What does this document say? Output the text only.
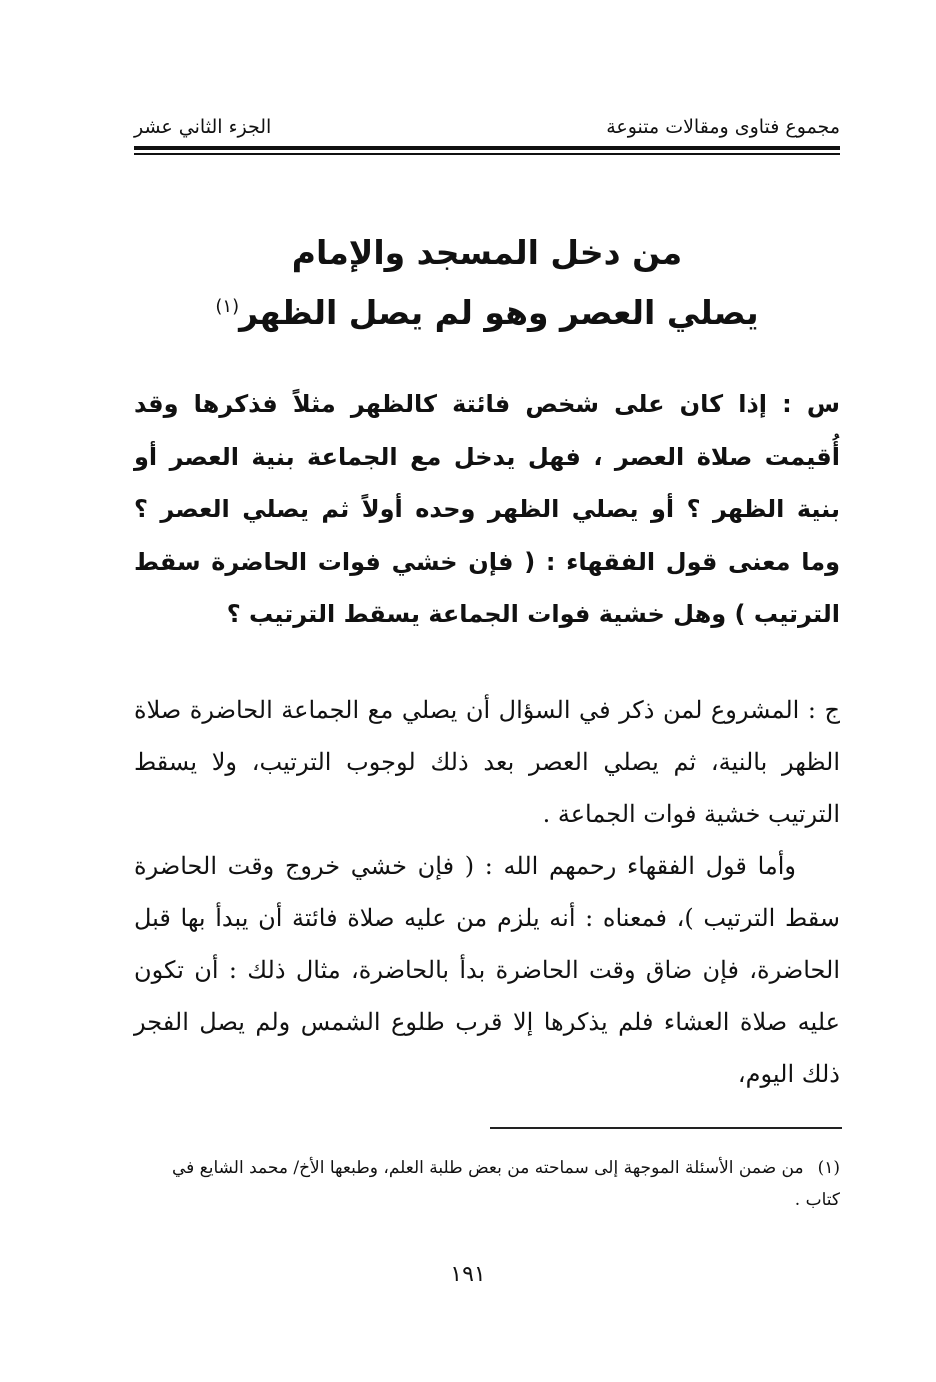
مجموع فتاوى ومقالات متنوعة
الجزء الثاني عشر
من دخل المسجد والإمام
يصلي العصر وهو لم يصل الظهر$^{(١)}$
س : إذا كان على شخص فائتة كالظهر مثلاً فذكرها وقد أُقيمت صلاة العصر ، فهل يدخل مع الجماعة بنية العصر أو بنية الظهر ؟ أو يصلي الظهر وحده أولاً ثم يصلي العصر ؟ وما معنى قول الفقهاء : ( فإن خشي فوات الحاضرة سقط الترتيب ) وهل خشية فوات الجماعة يسقط الترتيب ؟
ج : المشروع لمن ذكر في السؤال أن يصلي مع الجماعة الحاضرة صلاة الظهر بالنية، ثم يصلي العصر بعد ذلك لوجوب الترتيب، ولا يسقط الترتيب خشية فوات الجماعة .
وأما قول الفقهاء رحمهم الله : ( فإن خشي خروج وقت الحاضرة سقط الترتيب )، فمعناه : أنه يلزم من عليه صلاة فائتة أن يبدأ بها قبل الحاضرة، فإن ضاق وقت الحاضرة بدأ بالحاضرة، مثال ذلك : أن تكون عليه صلاة العشاء فلم يذكرها إلا قرب طلوع الشمس ولم يصل الفجر ذلك اليوم،
(١)من ضمن الأسئلة الموجهة إلى سماحته من بعض طلبة العلم، وطبعها الأخ/ محمد الشايع في كتاب .
١٩١
